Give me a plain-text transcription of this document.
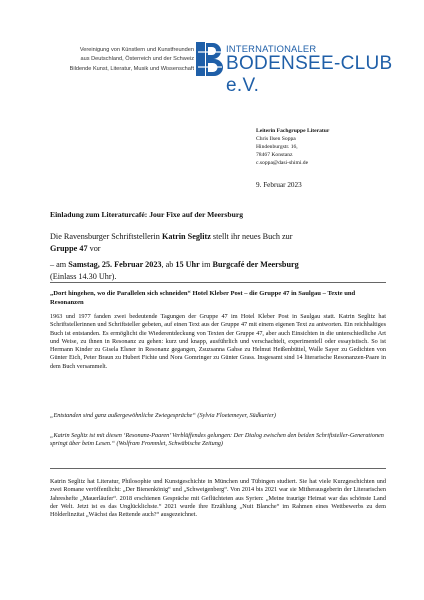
Vereinigung von Künstlern und Kunstfreunden
aus Deutschland, Österreich und der Schweiz
Bildende Kunst, Literatur, Musik und Wissenschaft
INTERNATIONALER
BODENSEE-CLUB e.V.
Leiterin Fachgruppe Literatur
Chris Ilsen Soppa
Hindenburgstr. 16,
78467 Konstanz
c.soppa@dasi-shimi.de
9. Februar 2023
Einladung zum Literaturcafé: Jour Fixe auf der Meersburg
Die Ravensburger Schriftstellerin Katrin Seglitz stellt ihr neues Buch zur
Gruppe 47 vor
– am Samstag, 25. Februar 2023, ab 15 Uhr im Burgcafé der Meersburg
(Einlass 14.30 Uhr).
„Dort hingehen, wo die Parallelen sich schneiden“ Hotel Kleber Post – die Gruppe 47 in Saulgau – Texte und Resonanzen
1963 und 1977 fanden zwei bedeutende Tagungen der Gruppe 47 im Hotel Kleber Post in Saulgau statt. Katrin Seglitz hat Schriftstellerinnen und Schriftsteller gebeten, auf einen Text aus der Gruppe 47 mit einem eigenen Text zu antworten. Ein reichhaltiges Buch ist entstanden. Es ermöglicht die Wiederentdeckung von Texten der Gruppe 47, aber auch Einsichten in die unterschiedliche Art und Weise, zu ihnen in Resonanz zu gehen: kurz und knapp, ausführlich und verschachtelt, experimentell oder essayistisch. So ist Hermann Kinder zu Gisela Elsner in Resonanz gegangen, Zsuzsanna Gahse zu Helmut Heißenbüttel, Walle Sayer zu Gedichten von Günter Eich, Peter Braun zu Hubert Fichte und Nora Gomringer zu Günter Grass. Insgesamt sind 14 literarische Resonanzen-Paare in dem Buch versammelt.
„Entstanden sind ganz außergewöhnliche Zwiegespräche“ (Sylvia Floetemeyer, Südkurier)
„Katrin Seglitz ist mit diesen ‘Resonanz-Paaren’ Verblüffendes gelungen: Der Dialog zwischen den beiden Schriftsteller-Generationen springt über beim Lesen.“ (Wolfram Frommlet, Schwäbische Zeitung)
Katrin Seglitz hat Literatur, Philosophie und Kunstgeschichte in München und Tübingen studiert. Sie hat viele Kurzgeschichten und zwei Romane veröffentlicht: „Der Bienenkönig“ und „Schweigenberg“. Von 2014 bis 2021 war sie Mitherausgeberin der Literarischen Jahreshefte „Mauerläufer“. 2018 erschienen Gespräche mit Geflüchteten aus Syrien: „Meine traurige Heimat war das schönste Land der Welt. Jetzt ist es das Unglücklichste.“ 2021 wurde ihre Erzählung „Nuit Blanche“ im Rahmen eines Wettbewerbs zu dem Hölderlinzitat „Wächst das Rettende auch?“ ausgezeichnet.
